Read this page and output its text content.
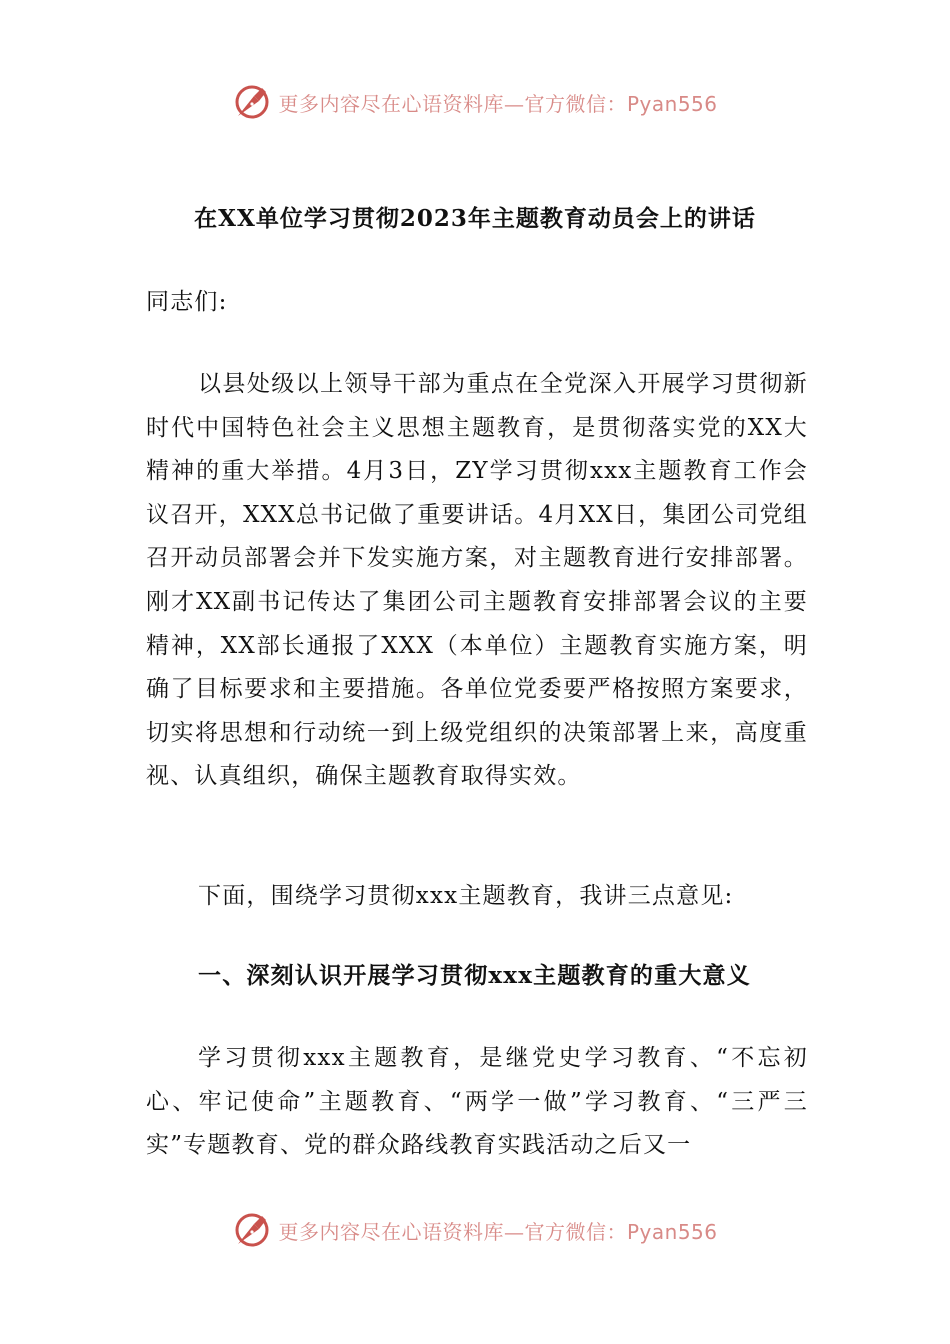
更多内容尽在心语资料库—官方微信：Pyan556
在XX单位学习贯彻2023年主题教育动员会上的讲话
同志们:
以县处级以上领导干部为重点在全党深入开展学习贯彻新时代中国特色社会主义思想主题教育，是贯彻落实党的XX大精神的重大举措。4月3日，ZY学习贯彻xxx主题教育工作会议召开，XXX总书记做了重要讲话。4月XX日，集团公司党组召开动员部署会并下发实施方案，对主题教育进行安排部署。刚才XX副书记传达了集团公司主题教育安排部署会议的主要精神，XX部长通报了XXX（本单位）主题教育实施方案，明确了目标要求和主要措施。各单位党委要严格按照方案要求，切实将思想和行动统一到上级党组织的决策部署上来，高度重视、认真组织，确保主题教育取得实效。
下面，围绕学习贯彻xxx主题教育，我讲三点意见:
一、深刻认识开展学习贯彻xxx主题教育的重大意义
学习贯彻xxx主题教育，是继党史学习教育、“不忘初心、牢记使命”主题教育、“两学一做”学习教育、“三严三实”专题教育、党的群众路线教育实践活动之后又一
更多内容尽在心语资料库—官方微信：Pyan556
